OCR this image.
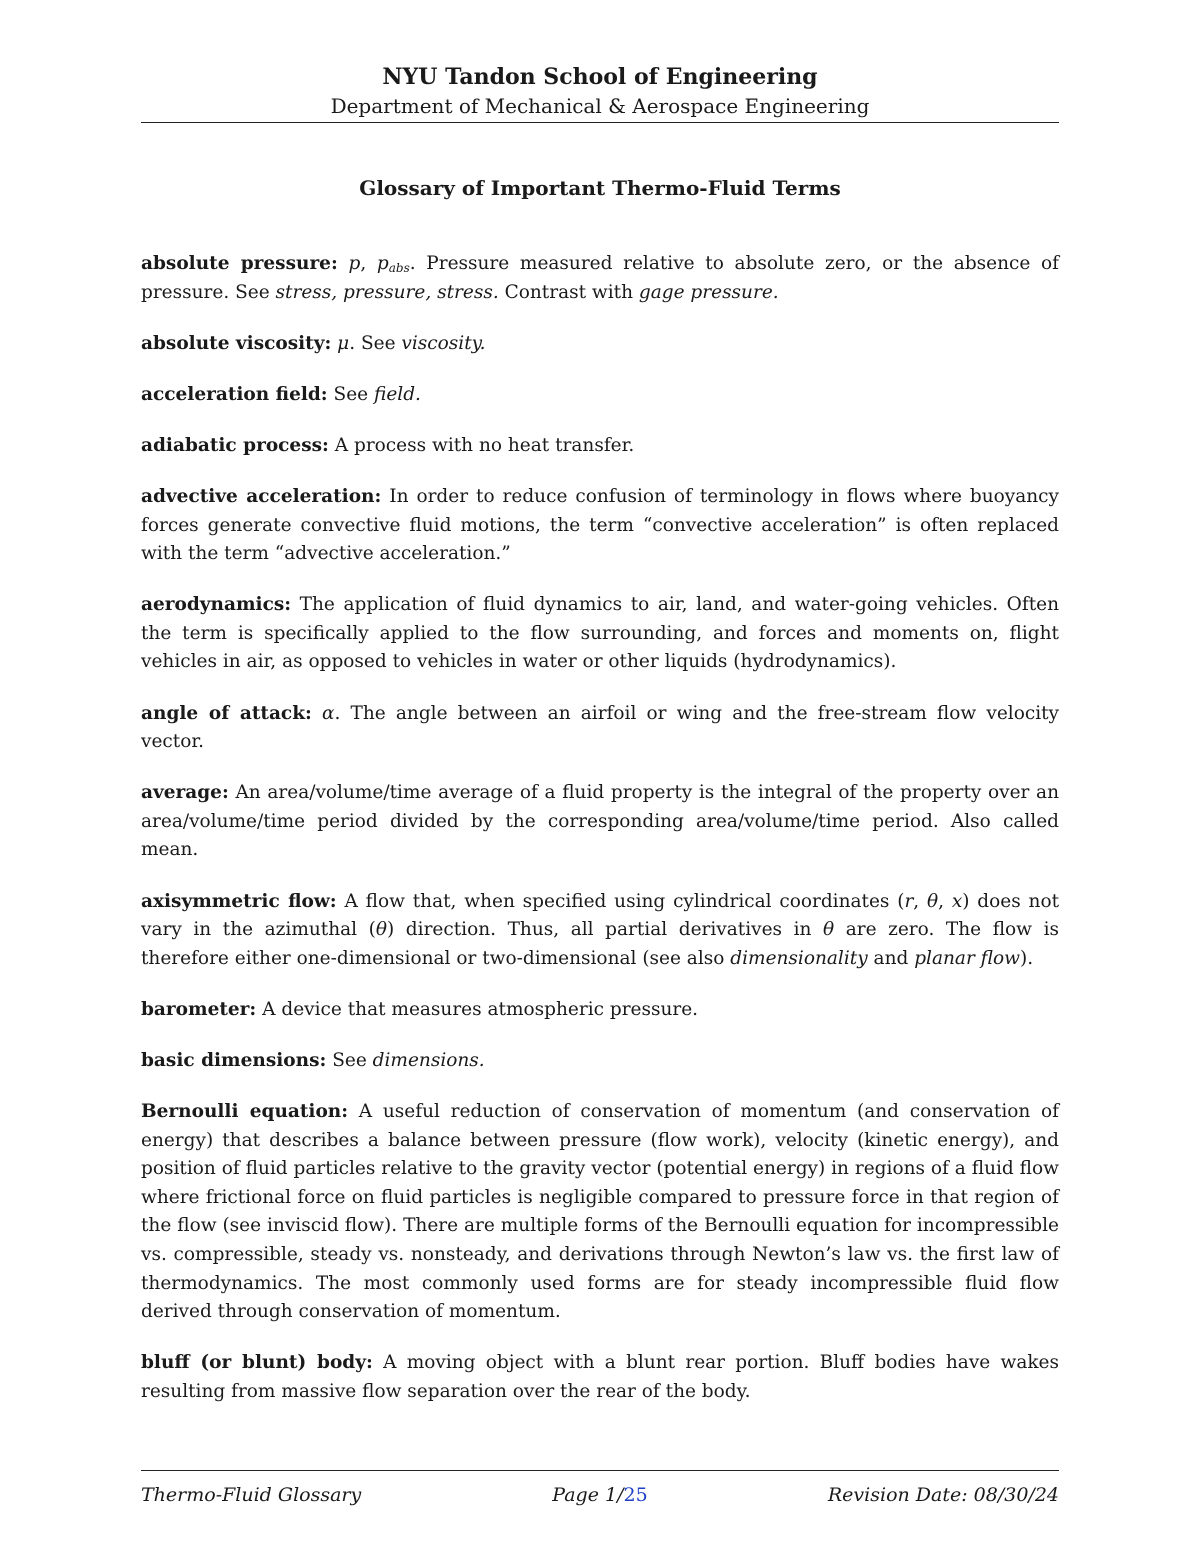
NYU Tandon School of Engineering
Department of Mechanical & Aerospace Engineering
Glossary of Important Thermo-Fluid Terms

absolute pressure: p, $p_{abs}$. Pressure measured relative to absolute zero, or the absence of pressure. See stress, pressure, stress. Contrast with gage pressure.

absolute viscosity: μ. See viscosity.

acceleration field: See field.

adiabatic process: A process with no heat transfer.

advective acceleration: In order to reduce confusion of terminology in flows where buoyancy forces generate convective fluid motions, the term “convective acceleration” is often replaced with the term “advective acceleration.”

aerodynamics: The application of fluid dynamics to air, land, and water-going vehicles. Often the term is specifically applied to the flow surrounding, and forces and moments on, flight vehicles in air, as opposed to vehicles in water or other liquids (hydrodynamics).

angle of attack: α. The angle between an airfoil or wing and the free-stream flow velocity vector.

average: An area/volume/time average of a fluid property is the integral of the property over an area/volume/time period divided by the corresponding area/volume/time period. Also called mean.

axisymmetric flow: A flow that, when specified using cylindrical coordinates (r, θ, x) does not vary in the azimuthal (θ) direction. Thus, all partial derivatives in θ are zero. The flow is therefore either one-dimensional or two-dimensional (see also dimensionality and planar flow).

barometer: A device that measures atmospheric pressure.

basic dimensions: See dimensions.

Bernoulli equation: A useful reduction of conservation of momentum (and conservation of energy) that describes a balance between pressure (flow work), velocity (kinetic energy), and position of fluid particles relative to the gravity vector (potential energy) in regions of a fluid flow where frictional force on fluid particles is negligible compared to pressure force in that region of the flow (see inviscid flow). There are multiple forms of the Bernoulli equation for incompressible vs. compressible, steady vs. nonsteady, and derivations through Newton’s law vs. the first law of thermodynamics. The most commonly used forms are for steady incompressible fluid flow derived through conservation of momentum.

bluff (or blunt) body: A moving object with a blunt rear portion. Bluff bodies have wakes resulting from massive flow separation over the rear of the body.

Thermo-Fluid Glossary	Page 1/25	Revision Date: 08/30/24
